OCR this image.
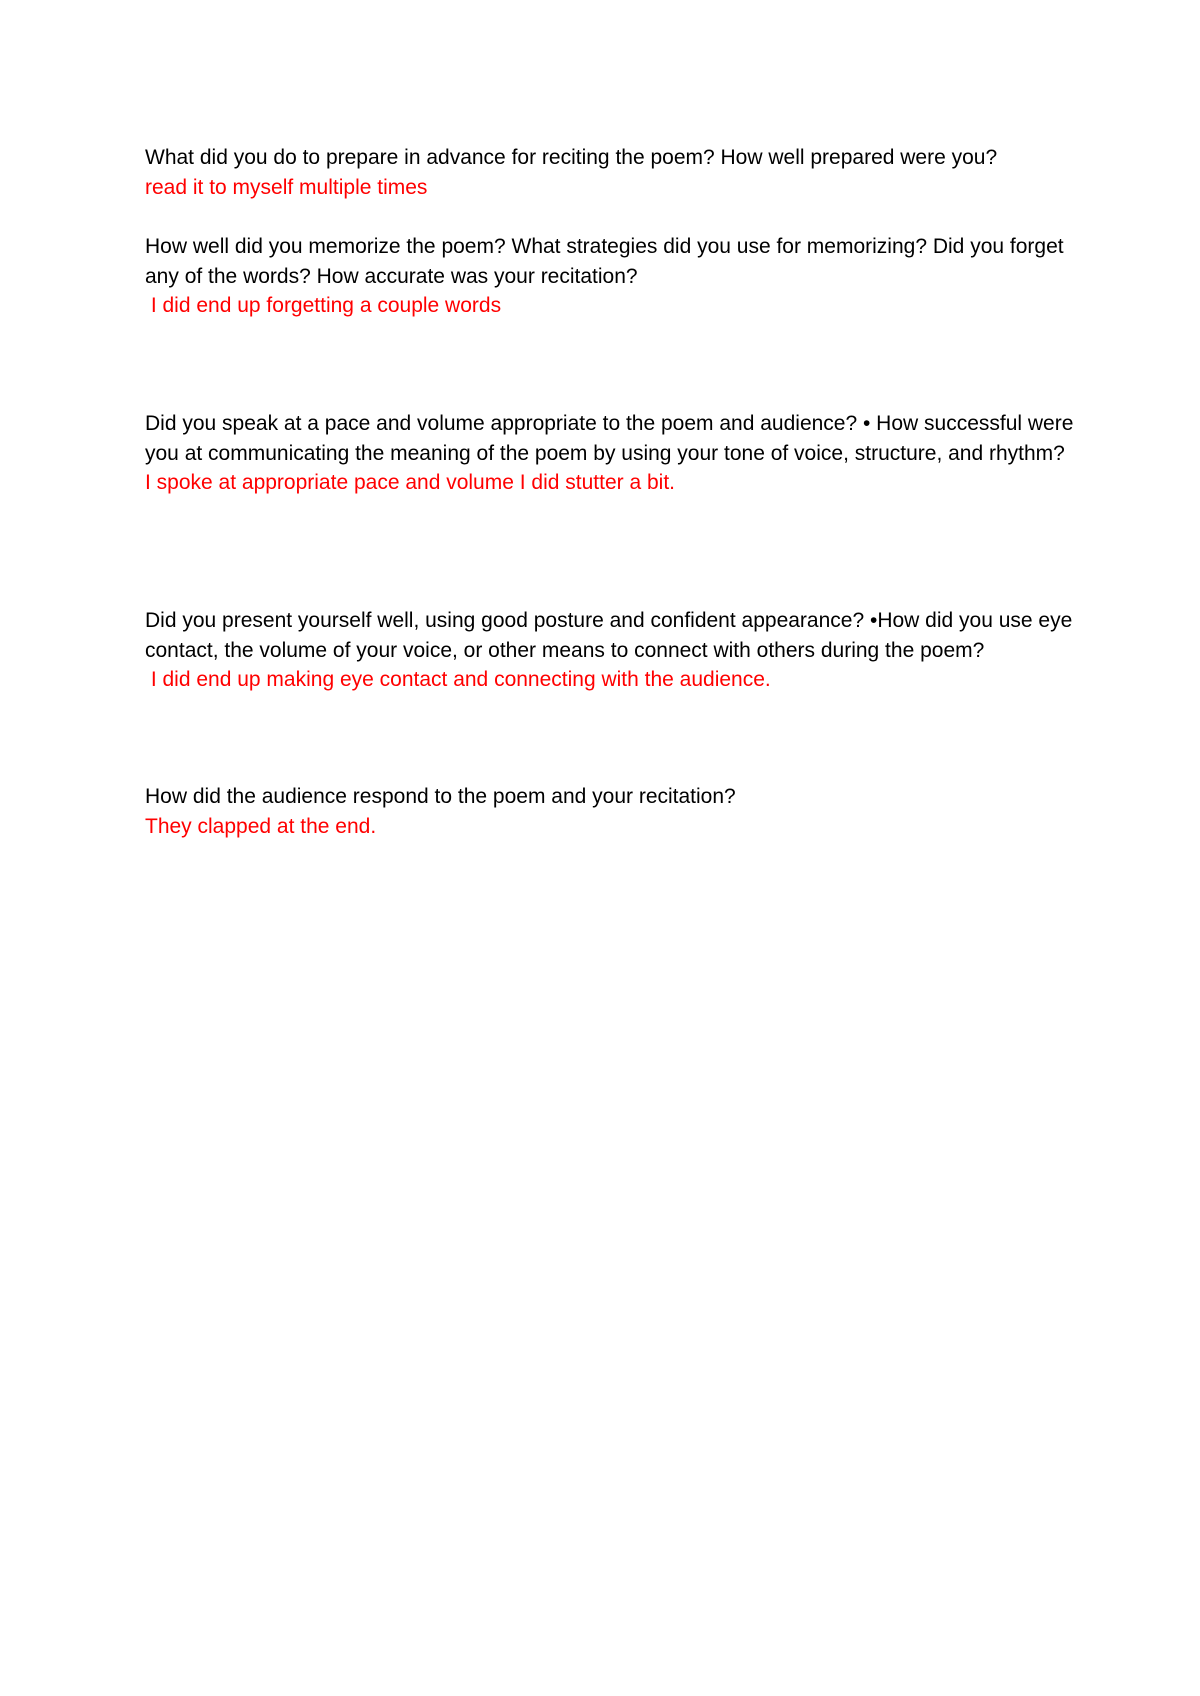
What did you do to prepare in advance for reciting the poem? How well prepared were you?

read it to myself multiple times

How well did you memorize the poem? What strategies did you use for memorizing? Did you forget any of the words? How accurate was your recitation?

I did end up forgetting a couple words

Did you speak at a pace and volume appropriate to the poem and audience? • How successful were you at communicating the meaning of the poem by using your tone of voice, structure, and rhythm?

I spoke at appropriate pace and volume I did stutter a bit.

Did you present yourself well, using good posture and confident appearance? •How did you use eye contact, the volume of your voice, or other means to connect with others during the poem?

I did end up making eye contact and connecting with the audience.

How did the audience respond to the poem and your recitation?

They clapped at the end.
